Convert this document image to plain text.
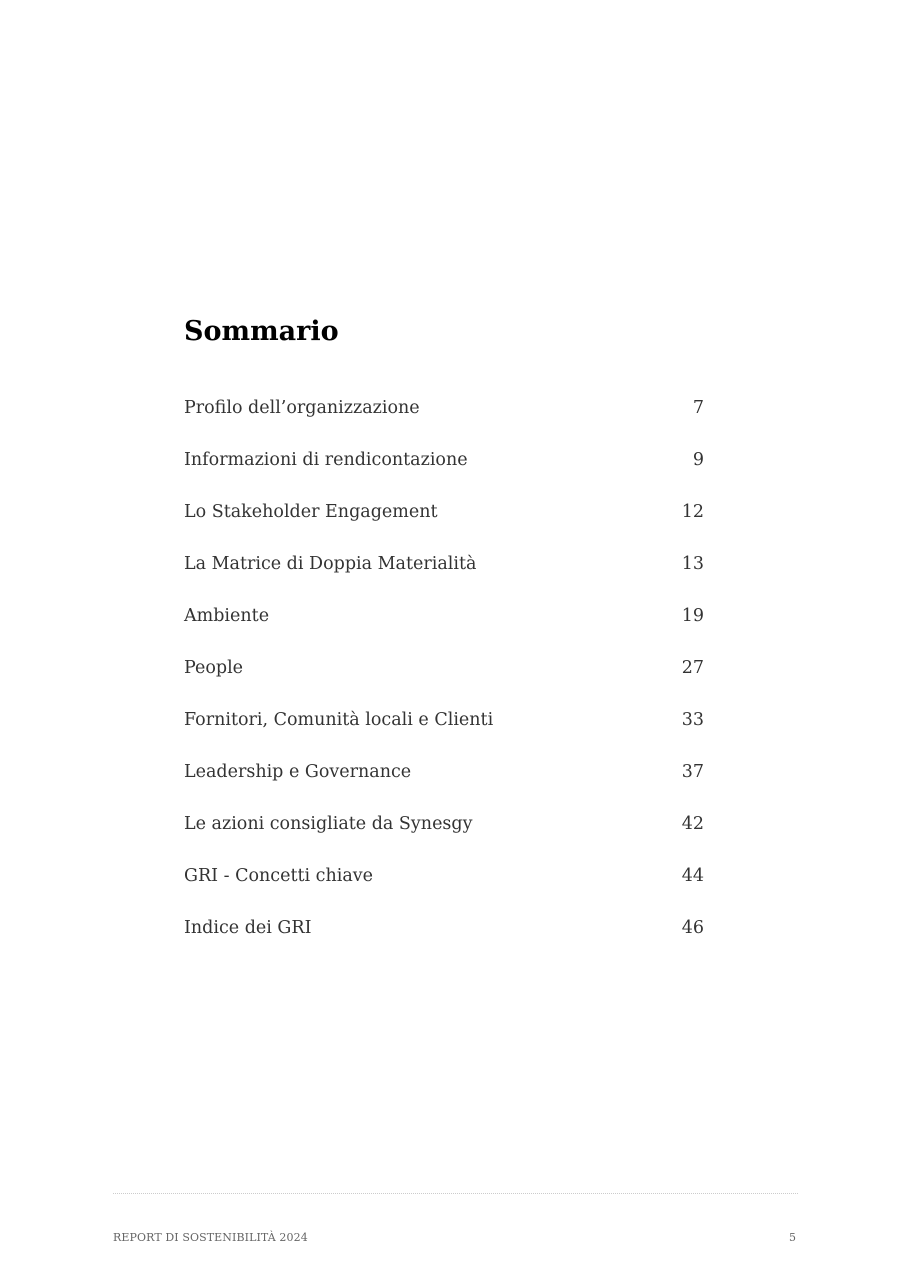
Sommario
Profilo dell’organizzazione	7
Informazioni di rendicontazione	9
Lo Stakeholder Engagement	12
La Matrice di Doppia Materialità	13
Ambiente	19
People	27
Fornitori, Comunità locali e Clienti	33
Leadership e Governance	37
Le azioni consigliate da Synesgy	42
GRI - Concetti chiave	44
Indice dei GRI	46
REPORT DI SOSTENIBILITÀ 2024	5
